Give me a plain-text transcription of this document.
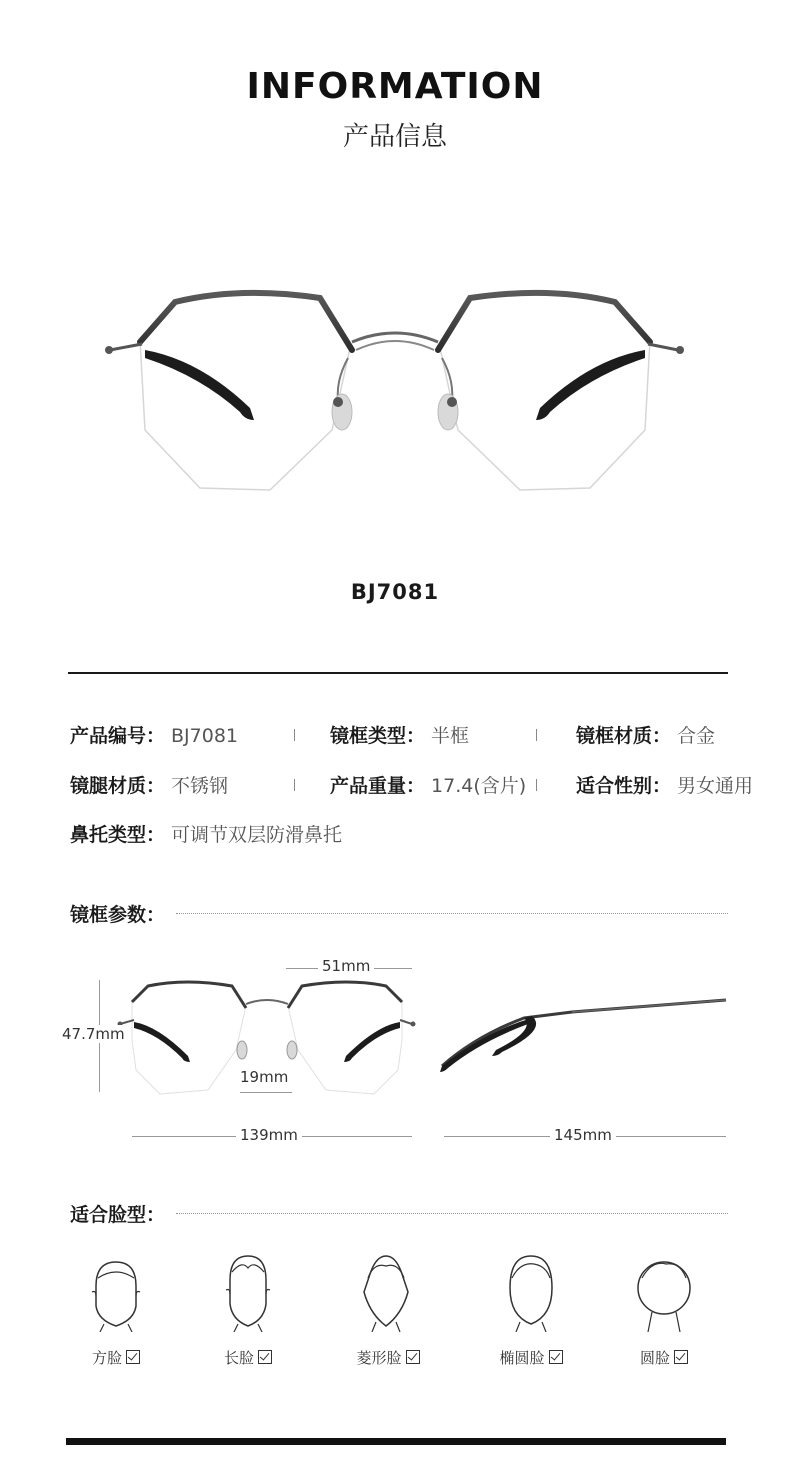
INFORMATION
产品信息
BJ7081
产品编号： BJ7081	镜框类型： 半框	镜框材质： 合金
镜腿材质： 不锈钢	产品重量： 17.4(含片)	适合性别： 男女通用
鼻托类型： 可调节双层防滑鼻托
镜框参数：
51mm
47.7mm
19mm
139mm	145mm
适合脸型：
方脸	长脸	菱形脸	椭圆脸	圆脸
